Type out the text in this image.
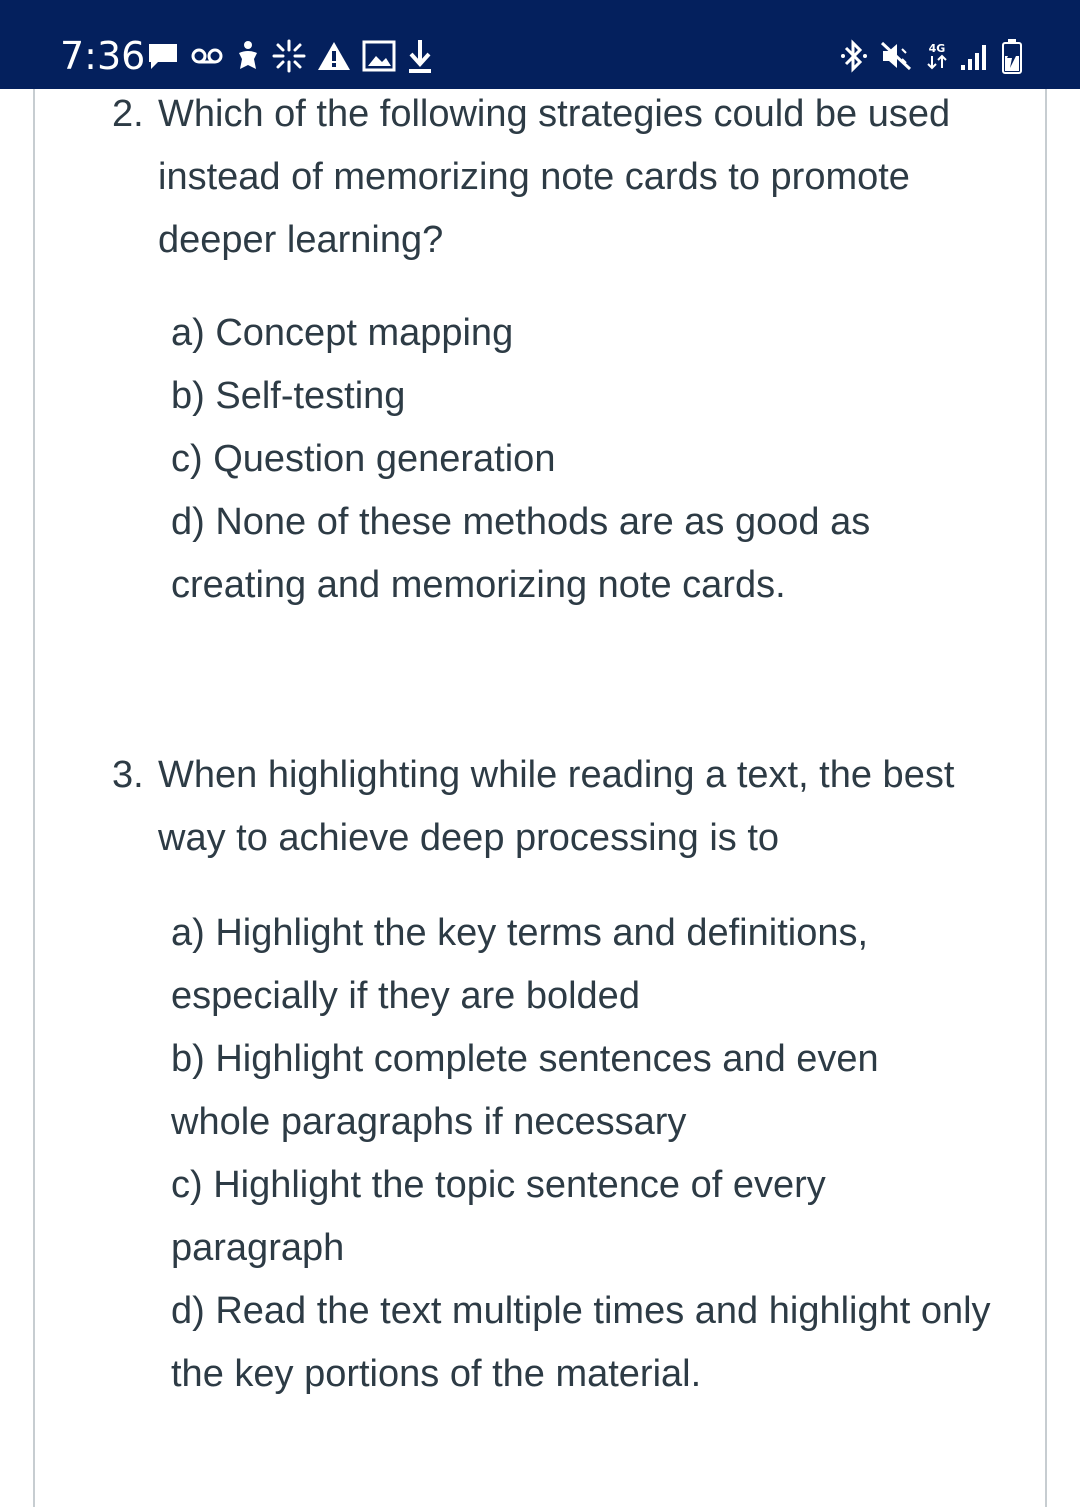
7:36	4G
2. Which of the following strategies could be used instead of memorizing note cards to promote deeper learning?
a) Concept mapping
b) Self-testing
c) Question generation
d) None of these methods are as good as creating and memorizing note cards.
3. When highlighting while reading a text, the best way to achieve deep processing is to
a) Highlight the key terms and definitions, especially if they are bolded
b) Highlight complete sentences and even whole paragraphs if necessary
c) Highlight the topic sentence of every paragraph
d) Read the text multiple times and highlight only the key portions of the material.
